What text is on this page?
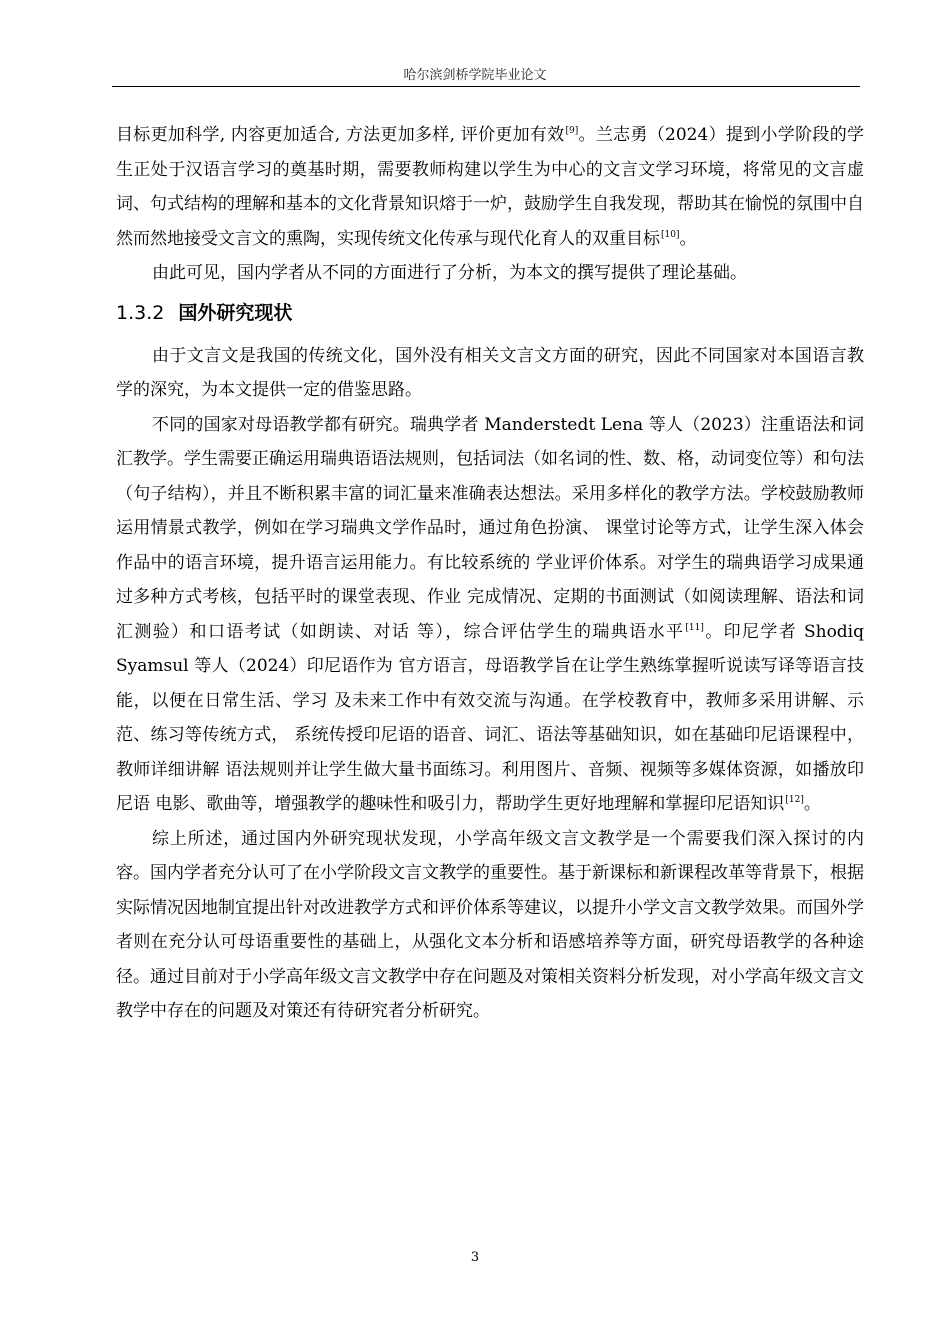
哈尔滨剑桥学院毕业论文

目标更加科学, 内容更加适合, 方法更加多样, 评价更加有效[9]。兰志勇（2024）提到小学阶段的学生正处于汉语言学习的奠基时期，需要教师构建以学生为中心的文言文学习环境，将常见的文言虚词、句式结构的理解和基本的文化背景知识熔于一炉，鼓励学生自我发现，帮助其在愉悦的氛围中自然而然地接受文言文的熏陶，实现传统文化传承与现代化育人的双重目标[10]。

由此可见，国内学者从不同的方面进行了分析，为本文的撰写提供了理论基础。

1.3.2 国外研究现状

由于文言文是我国的传统文化，国外没有相关文言文方面的研究，因此不同国家对本国语言教学的深究，为本文提供一定的借鉴思路。

不同的国家对母语教学都有研究。瑞典学者 Manderstedt Lena 等人（2023）注重语法和词汇教学。学生需要正确运用瑞典语语法规则，包括词法（如名词的性、数、格，动词变位等）和句法（句子结构），并且不断积累丰富的词汇量来准确表达想法。采用多样化的教学方法。学校鼓励教师运用情景式教学，例如在学习瑞典文学作品时，通过角色扮演、 课堂讨论等方式，让学生深入体会作品中的语言环境，提升语言运用能力。有比较系统的 学业评价体系。对学生的瑞典语学习成果通过多种方式考核，包括平时的课堂表现、作业 完成情况、定期的书面测试（如阅读理解、语法和词汇测验）和口语考试（如朗读、对话 等），综合评估学生的瑞典语水平[11]。印尼学者 Shodiq Syamsul 等人（2024）印尼语作为 官方语言，母语教学旨在让学生熟练掌握听说读写译等语言技能，以便在日常生活、学习 及未来工作中有效交流与沟通。在学校教育中，教师多采用讲解、示范、练习等传统方式， 系统传授印尼语的语音、词汇、语法等基础知识，如在基础印尼语课程中，教师详细讲解 语法规则并让学生做大量书面练习。利用图片、音频、视频等多媒体资源，如播放印尼语 电影、歌曲等，增强教学的趣味性和吸引力，帮助学生更好地理解和掌握印尼语知识[12]。

综上所述，通过国内外研究现状发现，小学高年级文言文教学是一个需要我们深入探讨的内容。国内学者充分认可了在小学阶段文言文教学的重要性。基于新课标和新课程改革等背景下，根据实际情况因地制宜提出针对改进教学方式和评价体系等建议，以提升小学文言文教学效果。而国外学者则在充分认可母语重要性的基础上，从强化文本分析和语感培养等方面，研究母语教学的各种途径。通过目前对于小学高年级文言文教学中存在问题及对策相关资料分析发现，对小学高年级文言文教学中存在的问题及对策还有待研究者分析研究。

3
